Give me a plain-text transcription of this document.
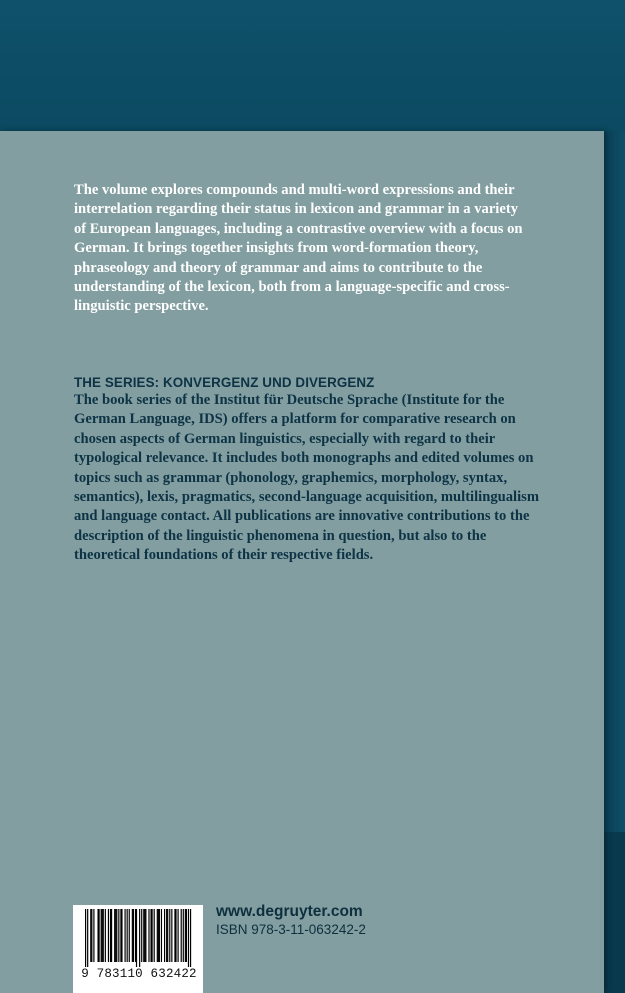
The volume explores compounds and multi-word expressions and their interrelation regarding their status in lexicon and grammar in a variety of European languages, including a contrastive overview with a focus on German. It brings together insights from word-formation theory, phraseology and theory of grammar and aims to contribute to the understanding of the lexicon, both from a language-specific and cross-linguistic perspective.

THE SERIES: KONVERGENZ UND DIVERGENZ

The book series of the Institut für Deutsche Sprache (Institute for the German Language, IDS) offers a platform for comparative research on chosen aspects of German linguistics, especially with regard to their typological relevance. It includes both monographs and edited volumes on topics such as grammar (phonology, graphemics, morphology, syntax, semantics), lexis, pragmatics, second-language acquisition, multilingualism and language contact. All publications are innovative contributions to the description of the linguistic phenomena in question, but also to the theoretical foundations of their respective fields.

9 783110 632422

www.degruyter.com

ISBN 978-3-11-063242-2
